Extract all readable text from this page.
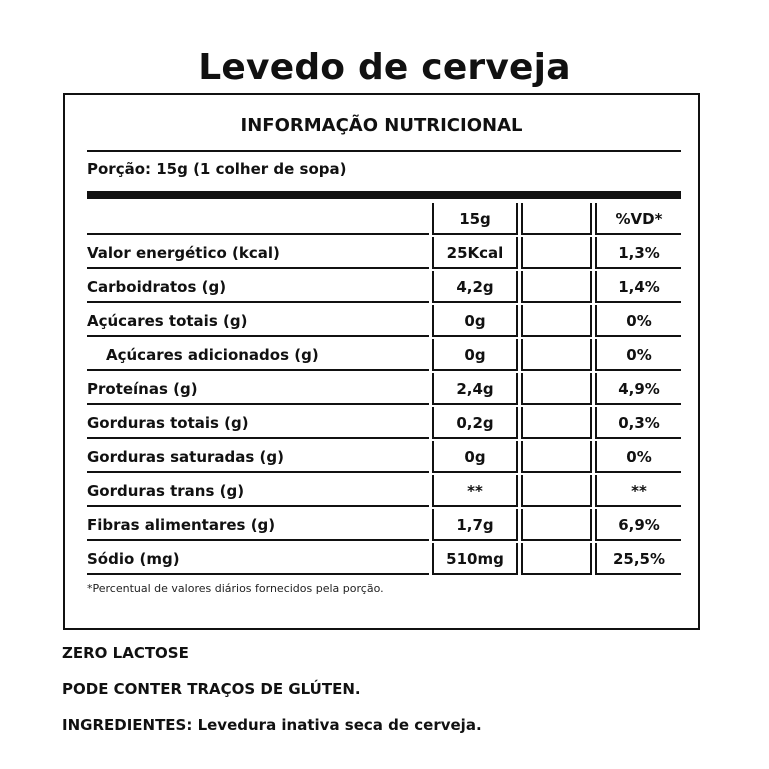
Levedo de cerveja
INFORMAÇÃO NUTRICIONAL
Porção: 15g (1 colher de sopa)
15g	%VD*
Valor energético (kcal)	25Kcal	1,3%
Carboidratos (g)	4,2g	1,4%
Açúcares totais (g)	0g	0%
Açúcares adicionados (g)	0g	0%
Proteínas (g)	2,4g	4,9%
Gorduras totais (g)	0,2g	0,3%
Gorduras saturadas (g)	0g	0%
Gorduras trans (g)	**	**
Fibras alimentares (g)	1,7g	6,9%
Sódio (mg)	510mg	25,5%
*Percentual de valores diários fornecidos pela porção.
ZERO LACTOSE
PODE CONTER TRAÇOS DE GLÚTEN.
INGREDIENTES: Levedura inativa seca de cerveja.
